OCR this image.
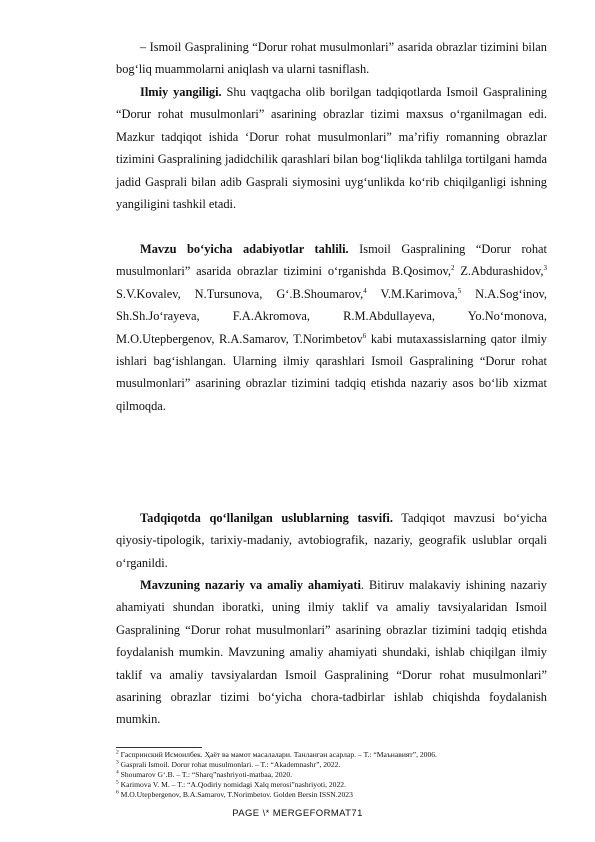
– Ismoil Gaspralining “Dorur rohat musulmonlari” asarida obrazlar tizimini bilan bog‘liq muammolarni aniqlash va ularni tasniflash.

Ilmiy yangiligi. Shu vaqtgacha olib borilgan tadqiqotlarda Ismoil Gaspralining “Dorur rohat musulmonlari” asarining obrazlar tizimi maxsus o‘rganilmagan edi. Mazkur tadqiqot ishida ‘Dorur rohat musulmonlari” ma’rifiy romanning obrazlar tizimini Gaspralining jadidchilik qarashlari bilan bog‘liqlikda tahlilga tortilgani hamda jadid Gasprali bilan adib Gasprali siymosini uyg‘unlikda ko‘rib chiqilganligi ishning yangiligini tashkil etadi.

Mavzu bo‘yicha adabiyotlar tahlili. Ismoil Gaspralining “Dorur rohat musulmonlari” asarida obrazlar tizimini o‘rganishda B.Qosimov,$^2$ Z.Abdurashidov,$^3$ S.V.Kovalev, N.Tursunova, G‘.B.Shoumarov,$^4$ V.M.Karimova,$^5$ N.A.Sog‘inov, Sh.Sh.Jo‘rayeva, F.A.Akromova, R.M.Abdullayeva, Yo.No‘monova, M.O.Utepbergenov, R.A.Samarov, T.Norimbetov$^6$ kabi mutaxassislarning qator ilmiy ishlari bag‘ishlangan. Ularning ilmiy qarashlari Ismoil Gaspralining “Dorur rohat musulmonlari” asarining obrazlar tizimini tadqiq etishda nazariy asos bo‘lib xizmat qilmoqda.

Tadqiqotda qo‘llanilgan uslublarning tasvifi. Tadqiqot mavzusi bo‘yicha qiyosiy-tipologik, tarixiy-madaniy, avtobiografik, nazariy, geografik uslublar orqali o‘rganildi.

Mavzuning nazariy va amaliy ahamiyati. Bitiruv malakaviy ishining nazariy ahamiyati shundan iboratki, uning ilmiy taklif va amaliy tavsiyalaridan Ismoil Gaspralining “Dorur rohat musulmonlari” asarining obrazlar tizimini tadqiq etishda foydalanish mumkin. Mavzuning amaliy ahamiyati shundaki, ishlab chiqilgan ilmiy taklif va amaliy tavsiyalardan Ismoil Gaspralining “Dorur rohat musulmonlari” asarining obrazlar tizimi bo‘yicha chora-tadbirlar ishlab chiqishda foydalanish mumkin.

$^2$ Гаспринский Исмоилбек. Ҳаёт ва мамот масалалари. Танланган асарлар. – Т.: “Маънавият”, 2006.
$^3$ Gasprali Ismoil. Dorur rohat musulmonlari. – T.: “Akademnashr”, 2022.
$^4$ Shoumarov G‘.B. – T.: “Sharq”nashriyoti-matbaa, 2020.
$^5$ Karimova V. M. – T.: “A.Qodiriy nomidagi Xalq merosi”nashriyoti, 2022.
$^6$ M.O.Utepbergenov, B.A.Samarov, T.Norimbetov. Golden Bersin ISSN.2023
PAGE \* MERGEFORMAT71
